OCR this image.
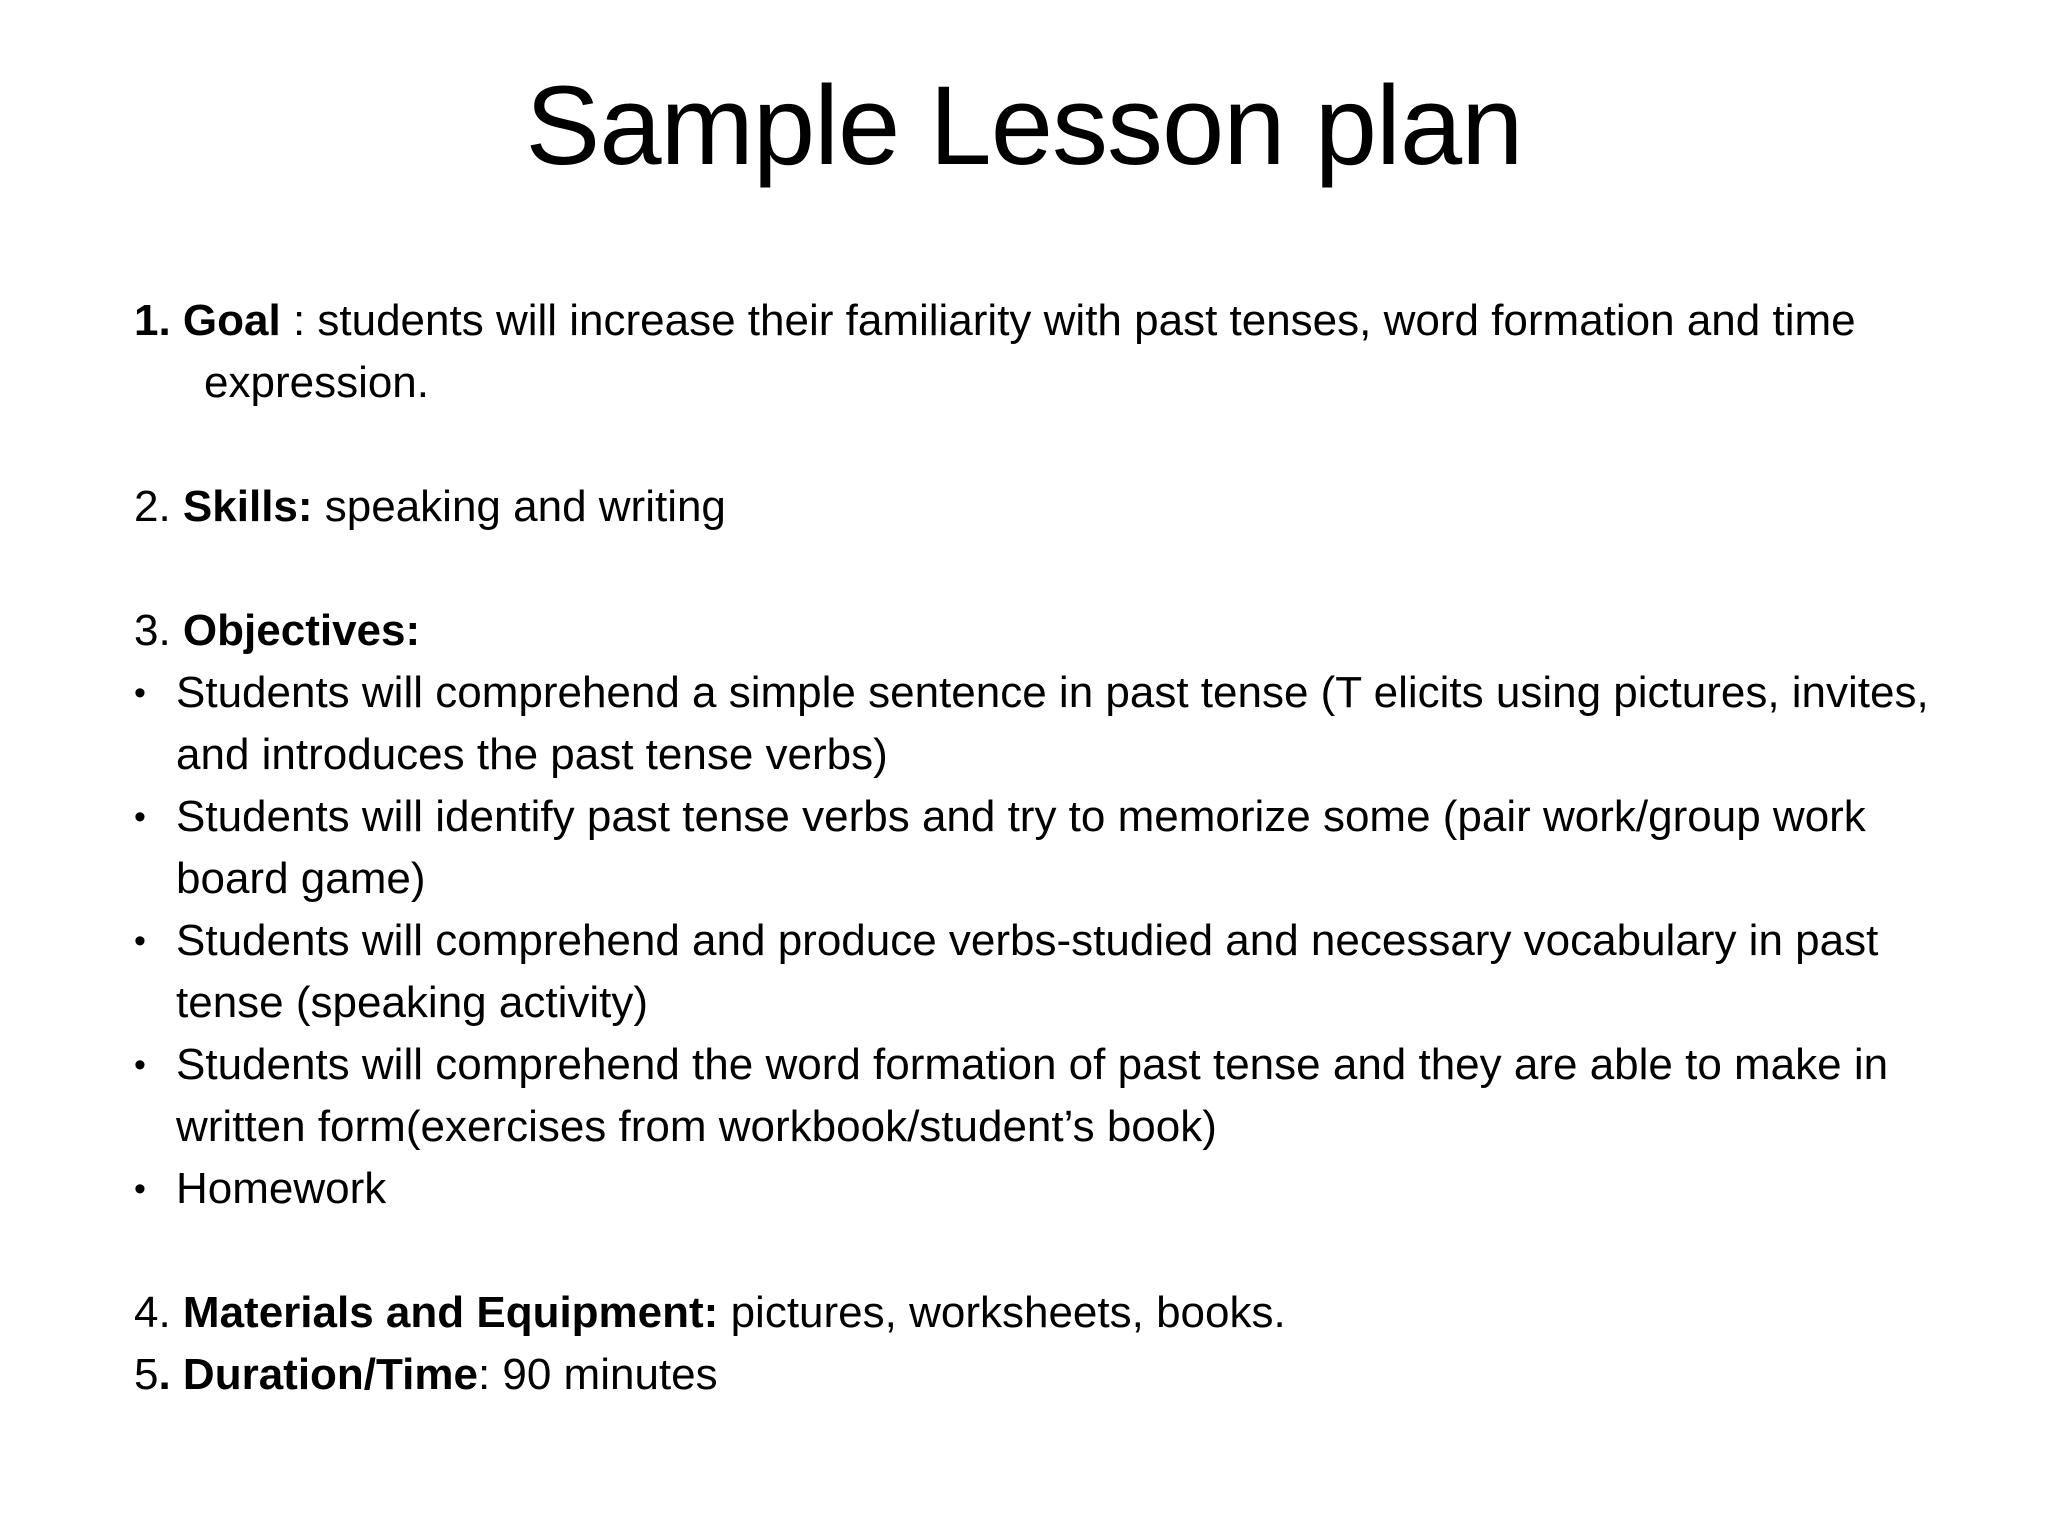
Sample Lesson plan

1. Goal : students will increase their familiarity with past tenses, word formation and time expression.

2. Skills: speaking and writing

3. Objectives:

• Students will comprehend a simple sentence in past tense (T elicits using pictures, invites, and introduces the past tense verbs)
• Students will identify past tense verbs and try to memorize some (pair work/group work board game)
• Students will comprehend and produce verbs-studied and necessary vocabulary in past tense (speaking activity)
• Students will comprehend the word formation of past tense and they are able to make in written form(exercises from workbook/student’s book)
• Homework

4. Materials and Equipment: pictures, worksheets, books.

5. Duration/Time: 90 minutes
